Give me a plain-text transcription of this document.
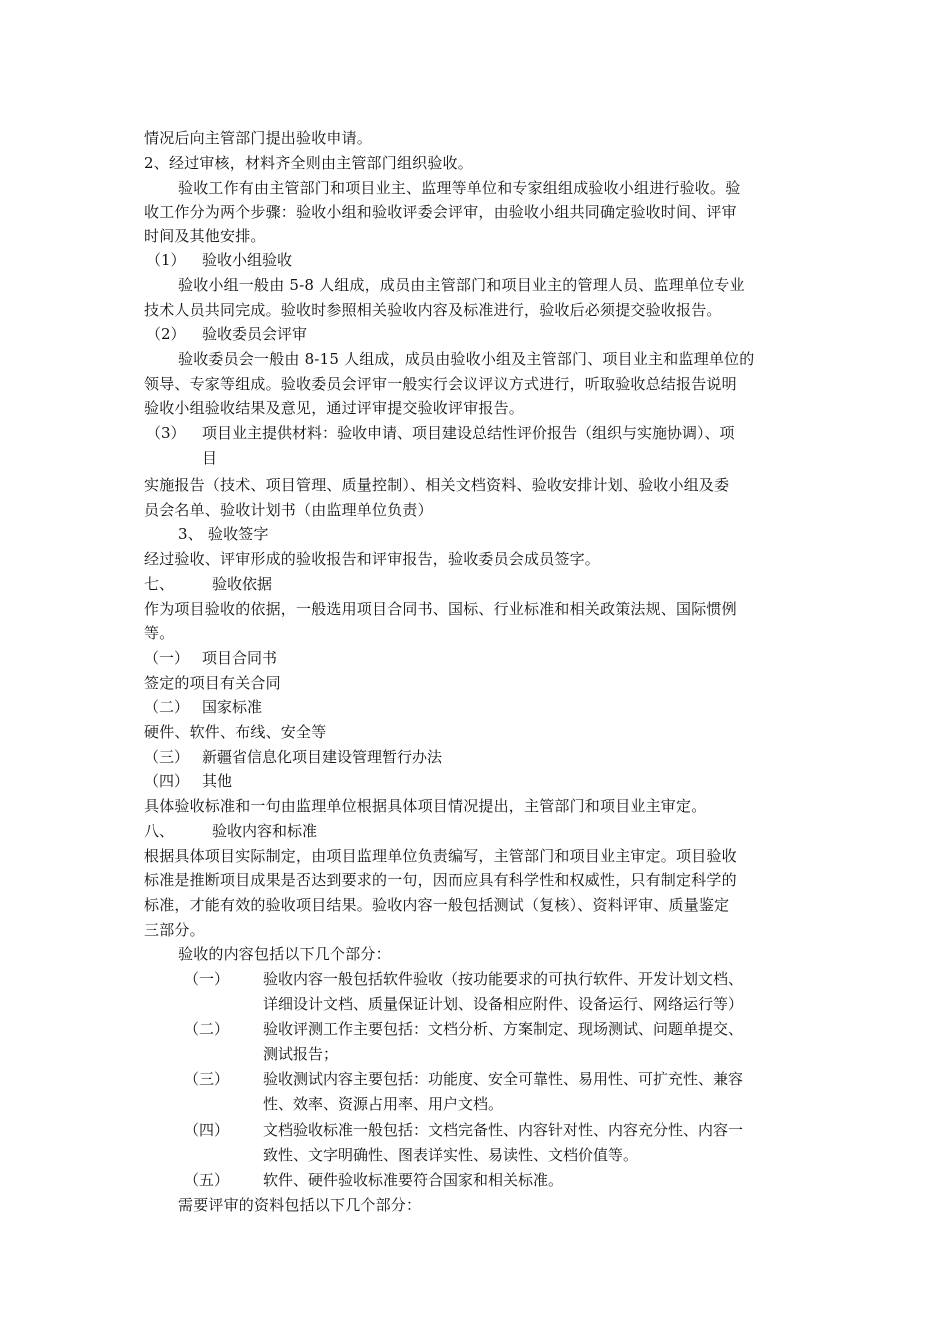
情况后向主管部门提出验收申请。
2、经过审核，材料齐全则由主管部门组织验收。
验收工作有由主管部门和项目业主、监理等单位和专家组组成验收小组进行验收。验
收工作分为两个步骤：验收小组和验收评委会评审，由验收小组共同确定验收时间、评审
时间及其他安排。
（1） 验收小组验收
验收小组一般由 5-8 人组成，成员由主管部门和项目业主的管理人员、监理单位专业
技术人员共同完成。验收时参照相关验收内容及标准进行，验收后必须提交验收报告。
（2） 验收委员会评审
验收委员会一般由 8-15 人组成，成员由验收小组及主管部门、项目业主和监理单位的
领导、专家等组成。验收委员会评审一般实行会议评议方式进行，听取验收总结报告说明
验收小组验收结果及意见，通过评审提交验收评审报告。
（3） 项目业主提供材料：验收申请、项目建设总结性评价报告（组织与实施协调）、项
目
实施报告（技术、项目管理、质量控制）、相关文档资料、验收安排计划、验收小组及委
员会名单、验收计划书（由监理单位负责）
3、 验收签字
经过验收、评审形成的验收报告和评审报告，验收委员会成员签字。
七、	验收依据
作为项目验收的依据，一般选用项目合同书、国标、行业标准和相关政策法规、国际惯例
等。
（一） 项目合同书
签定的项目有关合同
（二） 国家标准
硬件、软件、布线、安全等
（三） 新疆省信息化项目建设管理暂行办法
（四） 其他
具体验收标准和一句由监理单位根据具体项目情况提出，主管部门和项目业主审定。
八、	验收内容和标准
根据具体项目实际制定，由项目监理单位负责编写，主管部门和项目业主审定。项目验收
标准是推断项目成果是否达到要求的一句，因而应具有科学性和权威性，只有制定科学的
标准，才能有效的验收项目结果。验收内容一般包括测试（复核）、资料评审、质量鉴定
三部分。
验收的内容包括以下几个部分：
（一） 验收内容一般包括软件验收（按功能要求的可执行软件、开发计划文档、
详细设计文档、质量保证计划、设备相应附件、设备运行、网络运行等）
（二） 验收评测工作主要包括：文档分析、方案制定、现场测试、问题单提交、
测试报告；
（三） 验收测试内容主要包括：功能度、安全可靠性、易用性、可扩充性、兼容
性、效率、资源占用率、用户文档。
（四） 文档验收标准一般包括：文档完备性、内容针对性、内容充分性、内容一
致性、文字明确性、图表详实性、易读性、文档价值等。
（五） 软件、硬件验收标准要符合国家和相关标准。
需要评审的资料包括以下几个部分：
